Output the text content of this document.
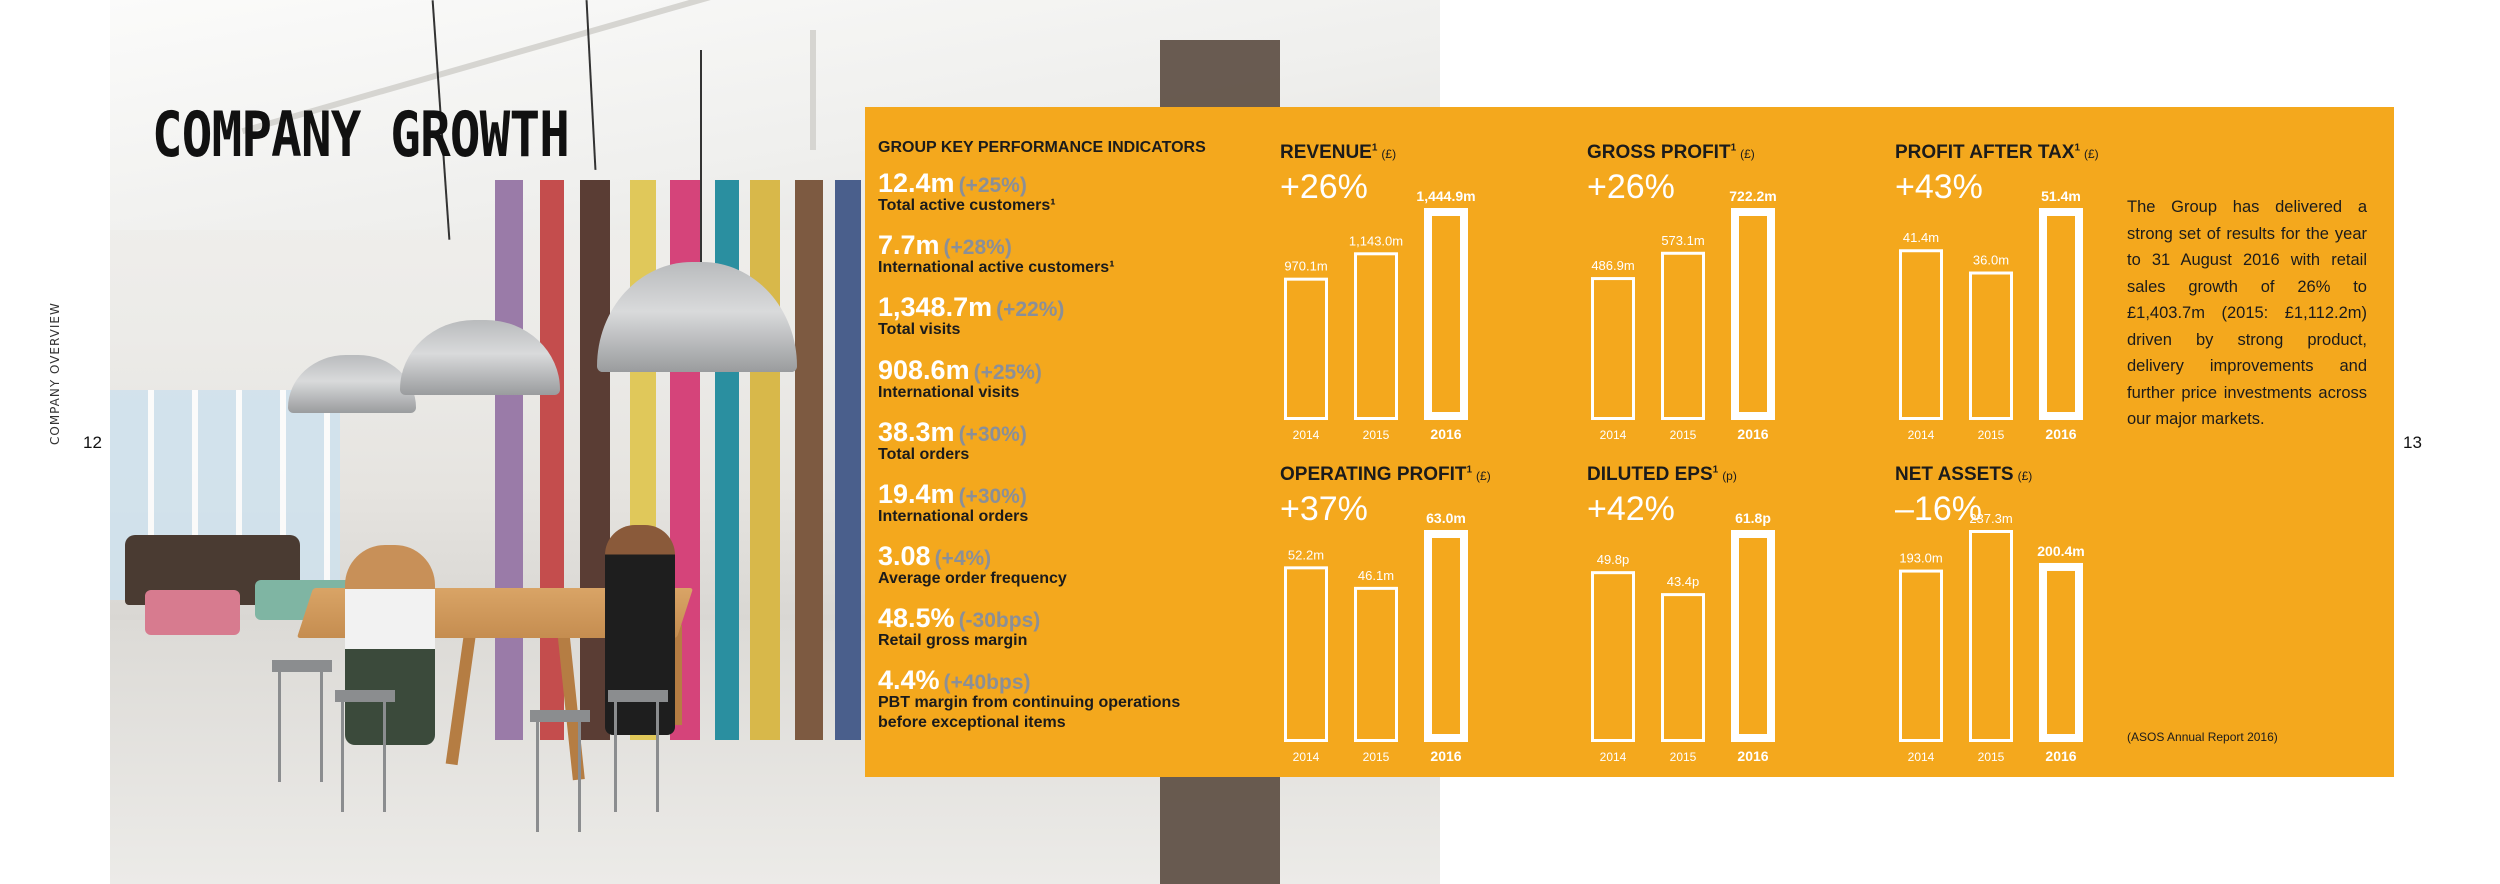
COMPANY GROWTH
COMPANY OVERVIEW 12	13
GROUP KEY PERFORMANCE INDICATORS
12.4m (+25%)
Total active customers¹
7.7m (+28%)
International active customers¹
1,348.7m (+22%)
Total visits
908.6m (+25%)
International visits
38.3m (+30%)
Total orders
19.4m (+30%)
International orders
3.08 (+4%)
Average order frequency
48.5% (-30bps)
Retail gross margin
4.4% (+40bps)
PBT margin from continuing operations before exceptional items
REVENUE$^1$ (£)
+26%
970.1m
2014
1,143.0m
2015
1,444.9m
2016
GROSS PROFIT$^1$ (£)
+26%
486.9m
2014
573.1m
2015
722.2m
2016
PROFIT AFTER TAX$^1$ (£)
+43%
41.4m
2014
36.0m
2015
51.4m
2016
OPERATING PROFIT$^1$ (£)
+37%
52.2m
2014
46.1m
2015
63.0m
2016
DILUTED EPS$^1$ (p)
+42%
49.8p
2014
43.4p
2015
61.8p
2016
NET ASSETS (£)
–16%
193.0m
2014
237.3m
2015
200.4m
2016
The Group has delivered a strong set of results for the year to 31 August 2016 with retail sales growth of 26% to £1,403.7m (2015: £1,112.2m) driven by strong product, delivery improvements and further price investments across our major markets.
(ASOS Annual Report 2016)
